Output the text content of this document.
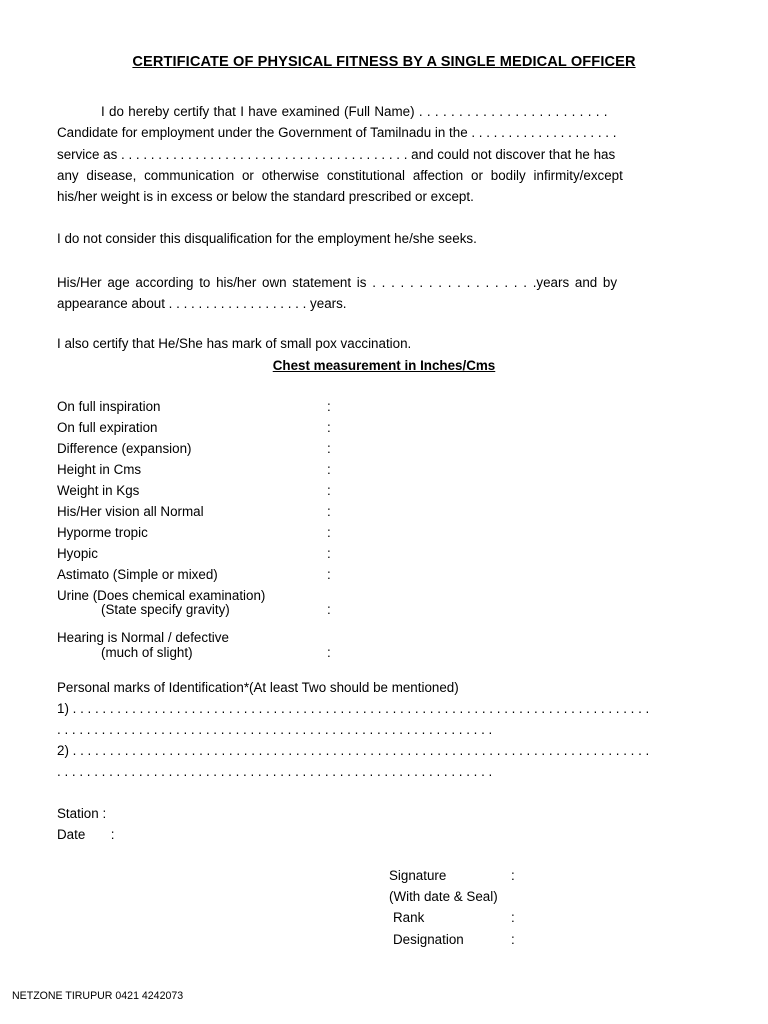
CERTIFICATE OF PHYSICAL FITNESS BY A SINGLE MEDICAL OFFICER
I do hereby certify that I have examined (Full Name) . . . . . . . . . . . . . . . . . . . . . . . .
Candidate for employment under the Government of Tamilnadu in the . . . . . . . . . . . . . . . . . . . .
service as . . . . . . . . . . . . . . . . . . . . . . . . . . . . . . . . . . . . . . . and could not discover that he has
any disease, communication or otherwise constitutional affection or bodily infirmity/except
his/her weight is in excess or below the standard prescribed or except.
I do not consider this disqualification for the employment he/she seeks.
His/Her age according to his/her own statement is . . . . . . . . . . . . . . . . . .years and by
appearance about . . . . . . . . . . . . . . . . . . . years.
I also certify that He/She has mark of small pox vaccination.
Chest measurement in Inches/Cms
On full inspiration	:
On full expiration	:
Difference (expansion)	:
Height in Cms	:
Weight in Kgs	:
His/Her vision all Normal	:
Hyporme tropic	:
Hyopic	:
Astimato (Simple or mixed)	:
Urine (Does chemical examination)
(State specify gravity)	:
Hearing is Normal / defective
(much of slight)	:
Personal marks of Identification*(At least Two should be mentioned)
1) . . . . . . . . . . . . . . . . . . . . . . . . . . . . . . . . . . . . . . . . . . . . . . . . . . . . . . . . . . . . . . . . . . . . . . . . . . . . . .
. . . . . . . . . . . . . . . . . . . . . . . . . . . . . . . . . . . . . . . . . . . . . . . . . . . . . . . . . . .
2) . . . . . . . . . . . . . . . . . . . . . . . . . . . . . . . . . . . . . . . . . . . . . . . . . . . . . . . . . . . . . . . . . . . . . . . . . . . . . .
. . . . . . . . . . . . . . . . . . . . . . . . . . . . . . . . . . . . . . . . . . . . . . . . . . . . . . . . . . .
Station :
Date :
Signature	:
(With date & Seal)
Rank	:
Designation	:
NETZONE TIRUPUR 0421 4242073
